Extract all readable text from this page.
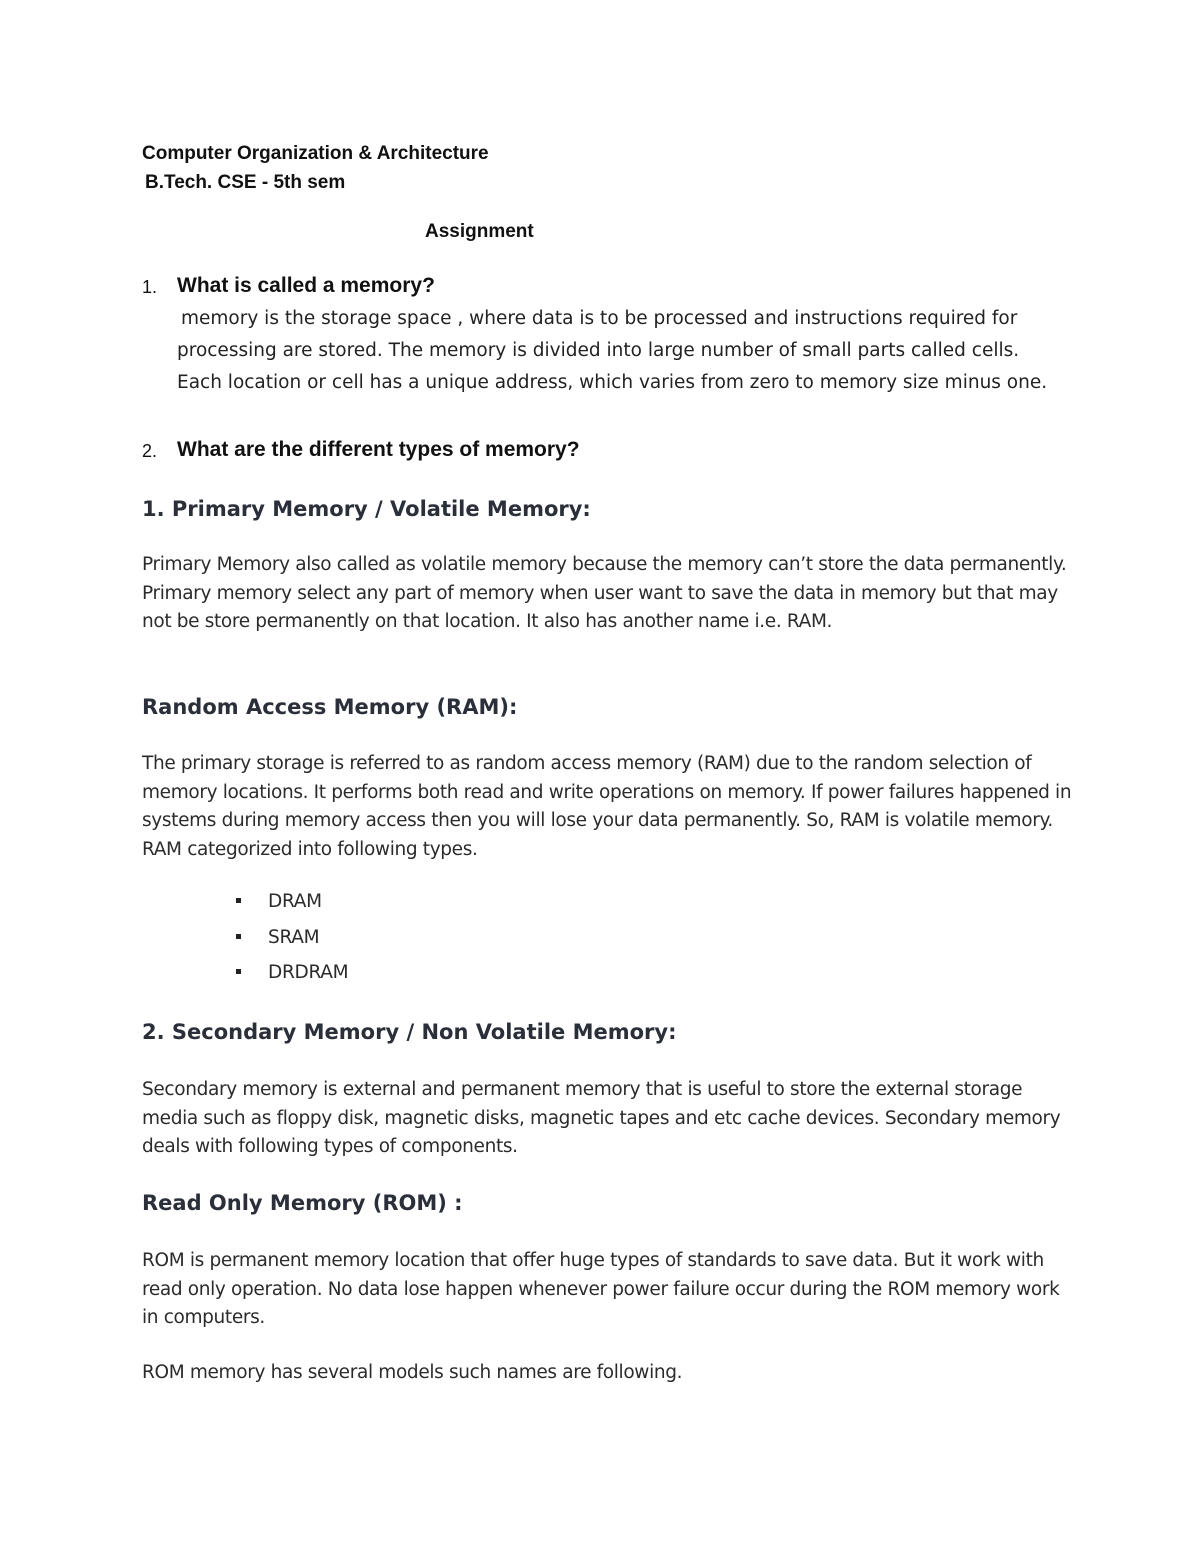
Computer Organization & Architecture
B.Tech. CSE - 5th sem
Assignment
1. What is called a memory?
memory is the storage space , where data is to be processed and instructions required for processing are stored. The memory is divided into large number of small parts called cells. Each location or cell has a unique address, which varies from zero to memory size minus one.
2. What are the different types of memory?
1. Primary Memory / Volatile Memory:
Primary Memory also called as volatile memory because the memory can’t store the data permanently. Primary memory select any part of memory when user want to save the data in memory but that may not be store permanently on that location. It also has another name i.e. RAM.
Random Access Memory (RAM):
The primary storage is referred to as random access memory (RAM) due to the random selection of memory locations. It performs both read and write operations on memory. If power failures happened in systems during memory access then you will lose your data permanently. So, RAM is volatile memory. RAM categorized into following types.
DRAM
SRAM
DRDRAM
2. Secondary Memory / Non Volatile Memory:
Secondary memory is external and permanent memory that is useful to store the external storage media such as floppy disk, magnetic disks, magnetic tapes and etc cache devices. Secondary memory deals with following types of components.
Read Only Memory (ROM) :
ROM is permanent memory location that offer huge types of standards to save data. But it work with read only operation. No data lose happen whenever power failure occur during the ROM memory work in computers.
ROM memory has several models such names are following.
